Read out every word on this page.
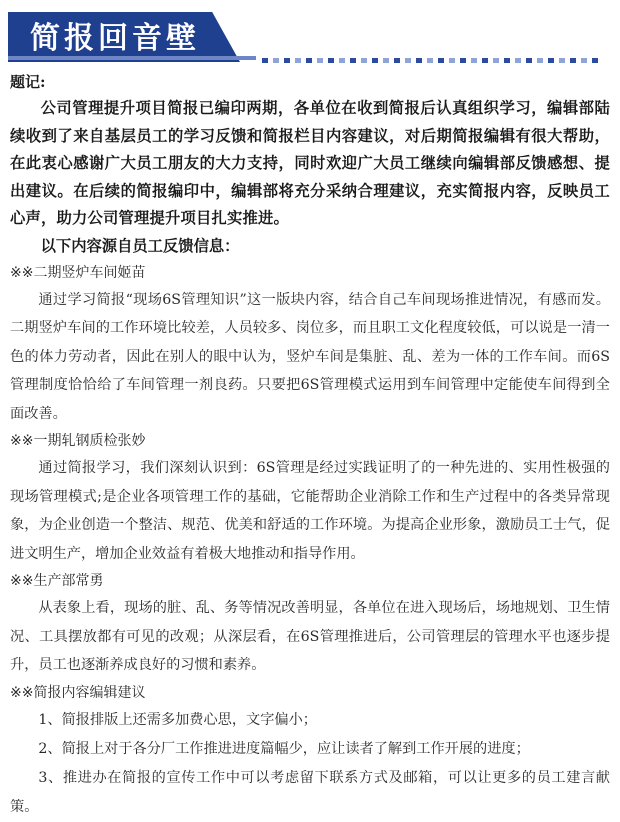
简报回音壁
题记:
公司管理提升项目简报已编印两期，各单位在收到简报后认真组织学习，编辑部陆续收到了来自基层员工的学习反馈和简报栏目内容建议，对后期简报编辑有很大帮助，在此衷心感谢广大员工朋友的大力支持，同时欢迎广大员工继续向编辑部反馈感想、提出建议。在后续的简报编印中，编辑部将充分采纳合理建议，充实简报内容，反映员工心声，助力公司管理提升项目扎实推进。
以下内容源自员工反馈信息：
※※二期竖炉车间姬苗
通过学习简报“现场6S管理知识”这一版块内容，结合自己车间现场推进情况，有感而发。二期竖炉车间的工作环境比较差，人员较多、岗位多，而且职工文化程度较低，可以说是一清一色的体力劳动者，因此在别人的眼中认为，竖炉车间是集脏、乱、差为一体的工作车间。而6S管理制度恰恰给了车间管理一剂良药。只要把6S管理模式运用到车间管理中定能使车间得到全面改善。
※※一期轧钢质检张妙
通过简报学习，我们深刻认识到：6S管理是经过实践证明了的一种先进的、实用性极强的现场管理模式;是企业各项管理工作的基础，它能帮助企业消除工作和生产过程中的各类异常现象，为企业创造一个整洁、规范、优美和舒适的工作环境。为提高企业形象，激励员工士气，促进文明生产，增加企业效益有着极大地推动和指导作用。
※※生产部常勇
从表象上看，现场的脏、乱、务等情况改善明显，各单位在进入现场后，场地规划、卫生情况、工具摆放都有可见的改观；从深层看，在6S管理推进后，公司管理层的管理水平也逐步提升，员工也逐渐养成良好的习惯和素养。
※※简报内容编辑建议
1、简报排版上还需多加费心思，文字偏小；
2、简报上对于各分厂工作推进进度篇幅少，应让读者了解到工作开展的进度；
3、推进办在简报的宣传工作中可以考虑留下联系方式及邮箱，可以让更多的员工建言献策。
